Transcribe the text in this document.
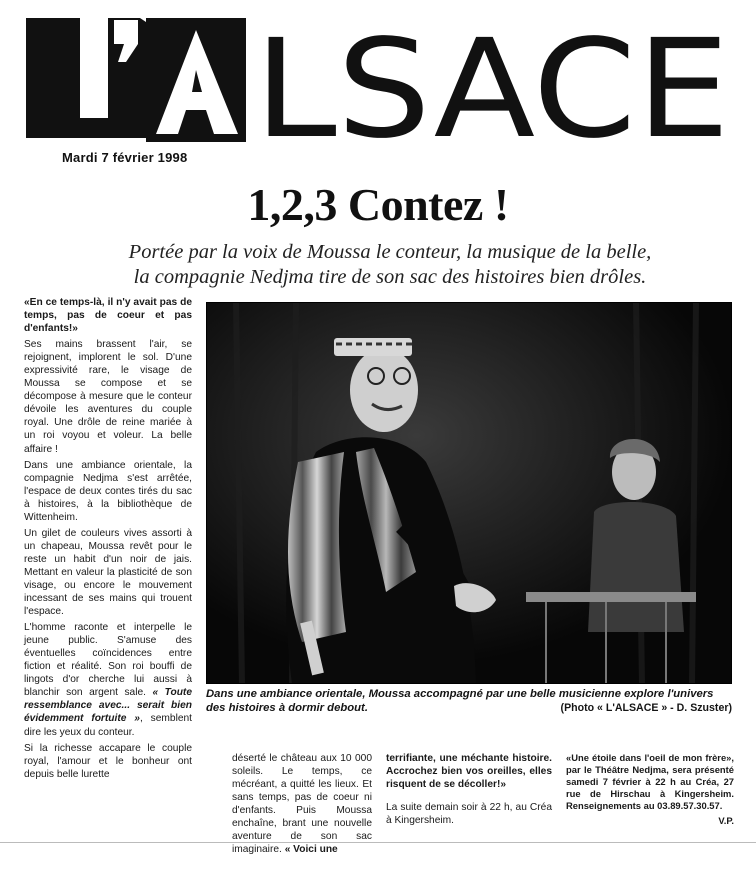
LSACE
Mardi 7 février 1998
1,2,3 Contez !
Portée par la voix de Moussa le conteur, la musique de la belle,
la compagnie Nedjma tire de son sac des histoires bien drôles.

«En ce temps-là, il n'y avait pas de temps, pas de coeur et pas d'enfants!»

Ses mains brassent l'air, se rejoignent, implorent le sol. D'une expressivité rare, le visage de Moussa se compose et se décompose à mesure que le conteur dévoile les aventures du couple royal. Une drôle de reine mariée à un roi voyou et voleur. La belle affaire !

Dans une ambiance orientale, la compagnie Nedjma s'est arrêtée, l'espace de deux contes tirés du sac à histoires, à la bibliothèque de Wittenheim.

Un gilet de couleurs vives assorti à un chapeau, Moussa revêt pour le reste un habit d'un noir de jais. Mettant en valeur la plasticité de son visage, ou encore le mouvement incessant de ses mains qui trouent l'espace.

L'homme raconte et interpelle le jeune public. S'amuse des éventuelles coïncidences entre fiction et réalité. Son roi bouffi de lingots d'or cherche lui aussi à blanchir son argent sale. « Toute ressemblance avec... serait bien évidemment fortuite », semblent dire les yeux du conteur.

Si la richesse accapare le couple royal, l'amour et le bonheur ont depuis belle lurette

Dans une ambiance orientale, Moussa accompagné par une belle musicienne explore l'univers des histoires à dormir debout.	(Photo « L'ALSACE » - D. Szuster)

déserté le château aux 10 000 soleils. Le temps, ce mécréant, a quitté les lieux. Et sans temps, pas de coeur ni d'enfants. Puis Moussa enchaîne, brant une nouvelle aventure de son sac imaginaire. « Voici une

terrifiante, une méchante histoire. Accrochez bien vos oreilles, elles risquent de se décoller!»

La suite demain soir à 22 h, au Créa à Kingersheim.

«Une étoile dans l'oeil de mon frère», par le Théâtre Nedjma, sera présenté samedi 7 février à 22 h au Créa, 27 rue de Hirschau à Kingersheim. Renseignements au 03.89.57.30.57.

V.P.
